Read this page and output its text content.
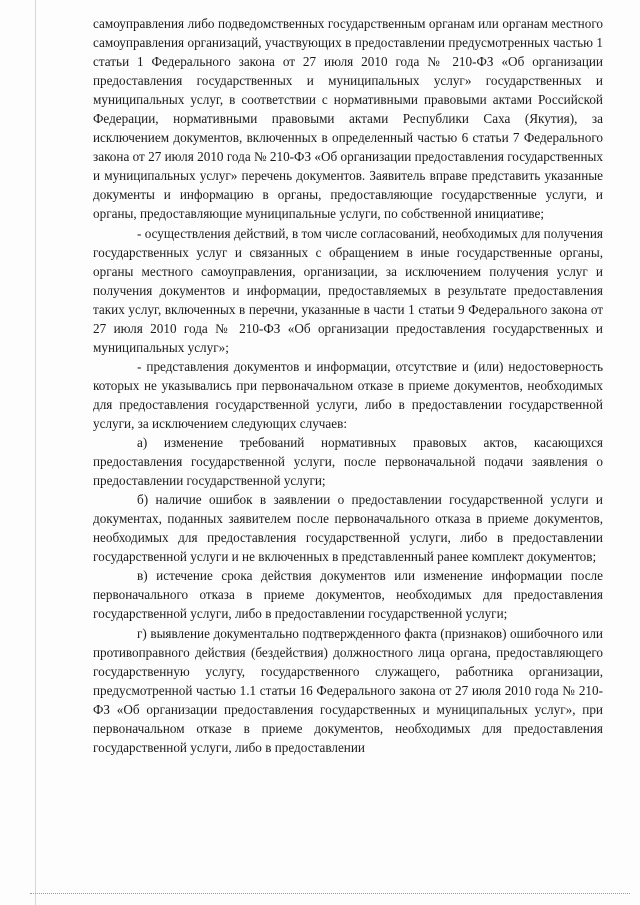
самоуправления либо подведомственных государственным органам или органам местного самоуправления организаций, участвующих в предоставлении предусмотренных частью 1 статьи 1 Федерального закона от 27 июля 2010 года № 210-ФЗ «Об организации предоставления государственных и муниципальных услуг» государственных и муниципальных услуг, в соответствии с нормативными правовыми актами Российской Федерации, нормативными правовыми актами Республики Саха (Якутия), за исключением документов, включенных в определенный частью 6 статьи 7 Федерального закона от 27 июля 2010 года № 210-ФЗ «Об организации предоставления государственных и муниципальных услуг» перечень документов. Заявитель вправе представить указанные документы и информацию в органы, предоставляющие государственные услуги, и органы, предоставляющие муниципальные услуги, по собственной инициативе;

- осуществления действий, в том числе согласований, необходимых для получения государственных услуг и связанных с обращением в иные государственные органы, органы местного самоуправления, организации, за исключением получения услуг и получения документов и информации, предоставляемых в результате предоставления таких услуг, включенных в перечни, указанные в части 1 статьи 9 Федерального закона от 27 июля 2010 года № 210-ФЗ «Об организации предоставления государственных и муниципальных услуг»;

- представления документов и информации, отсутствие и (или) недостоверность которых не указывались при первоначальном отказе в приеме документов, необходимых для предоставления государственной услуги, либо в предоставлении государственной услуги, за исключением следующих случаев:

а) изменение требований нормативных правовых актов, касающихся предоставления государственной услуги, после первоначальной подачи заявления о предоставлении государственной услуги;

б) наличие ошибок в заявлении о предоставлении государственной услуги и документах, поданных заявителем после первоначального отказа в приеме документов, необходимых для предоставления государственной услуги, либо в предоставлении государственной услуги и не включенных в представленный ранее комплект документов;

в) истечение срока действия документов или изменение информации после первоначального отказа в приеме документов, необходимых для предоставления государственной услуги, либо в предоставлении государственной услуги;

г) выявление документально подтвержденного факта (признаков) ошибочного или противоправного действия (бездействия) должностного лица органа, предоставляющего государственную услугу, государственного служащего, работника организации, предусмотренной частью 1.1 статьи 16 Федерального закона от 27 июля 2010 года № 210-ФЗ «Об организации предоставления государственных и муниципальных услуг», при первоначальном отказе в приеме документов, необходимых для предоставления государственной услуги, либо в предоставлении
